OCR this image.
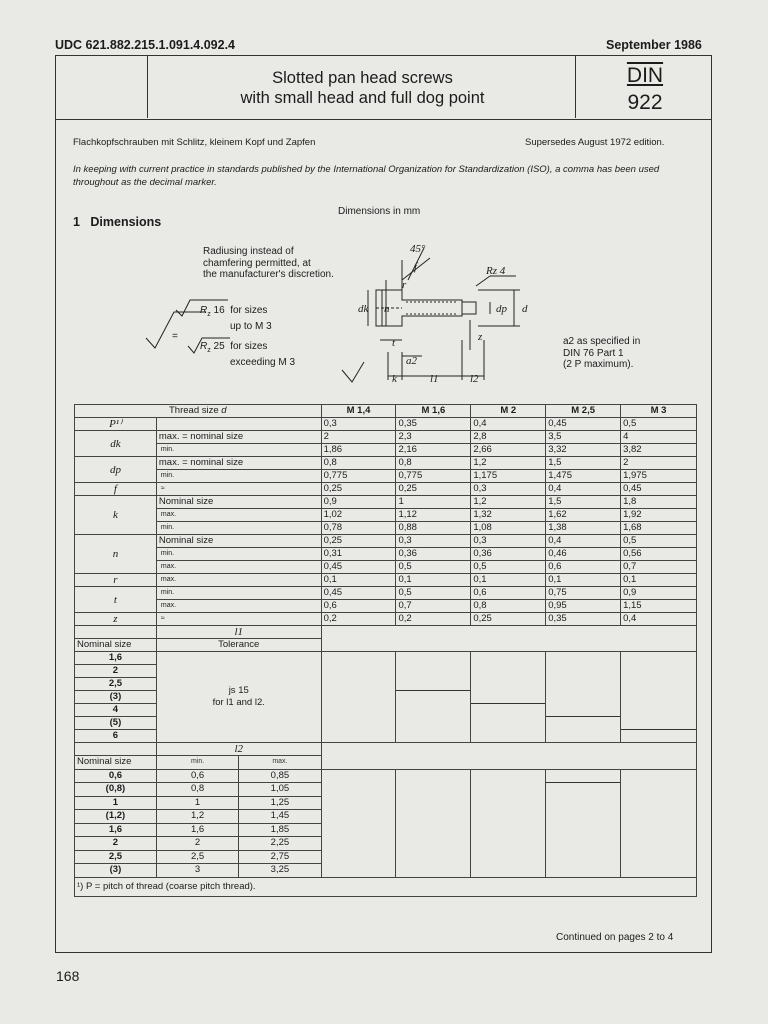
UDC 621.882.215.1.091.4.092.4	September 1986
Slotted pan head screws
with small head and full dog point
DIN
922
Flachkopfschrauben mit Schlitz, kleinem Kopf und Zapfen	Supersedes August 1972 edition.
In keeping with current practice in standards published by the International Organization for Standardization (ISO), a comma has been used throughout as the decimal marker.
1 Dimensions
Dimensions in mm
Radiusing instead of
chamfering permitted, at
the manufacturer's discretion.
45°
f
r
dk n	dp d
Rz 4
z
t
a2
k	l1	l2
$R_z$ 16 for sizes
up to M 3
=
$R_z$ 25 for sizes
exceeding M 3
a2 as specified in
DIN 76 Part 1
(2 P maximum).
Thread size d	M 1,4	M 1,6	M 2	M 2,5	M 3
P¹⁾		0,3	0,35	0,4	0,45	0,5
dk	max. = nominal size	2	2,3	2,8	3,5	4
min.	1,86	2,16	2,66	3,32	3,82
dp	max. = nominal size	0,8	0,8	1,2	1,5	2
min.	0,775	0,775	1,175	1,475	1,975
f	≈	0,25	0,25	0,3	0,4	0,45
k	Nominal size	0,9	1	1,2	1,5	1,8
max.	1,02	1,12	1,32	1,62	1,92
min.	0,78	0,88	1,08	1,38	1,68
n	Nominal size	0,25	0,3	0,3	0,4	0,5
min.	0,31	0,36	0,36	0,46	0,56
max.	0,45	0,5	0,5	0,6	0,7
r	max.	0,1	0,1	0,1	0,1	0,1
t	min.	0,45	0,5	0,6	0,75	0,9
max.	0,6	0,7	0,8	0,95	1,15
z	≈	0,2	0,2	0,25	0,35	0,4
	l1	
Nominal size	Tolerance
1,6	
js 15
for l1 and l2.

2					
2,5					
(3)					
4					
(5)					
6					
	l2	
Nominal size		min.	max.

0,6		0,6	0,85

(0,8)		0,8	1,05

1		1	1,25

(1,2)		1,2	1,45

1,6		1,6	1,85

2		2	2,25

2,5		2,5	2,75

(3)		3	3,25

¹) P = pitch of thread (coarse pitch thread).
Continued on pages 2 to 4
168
